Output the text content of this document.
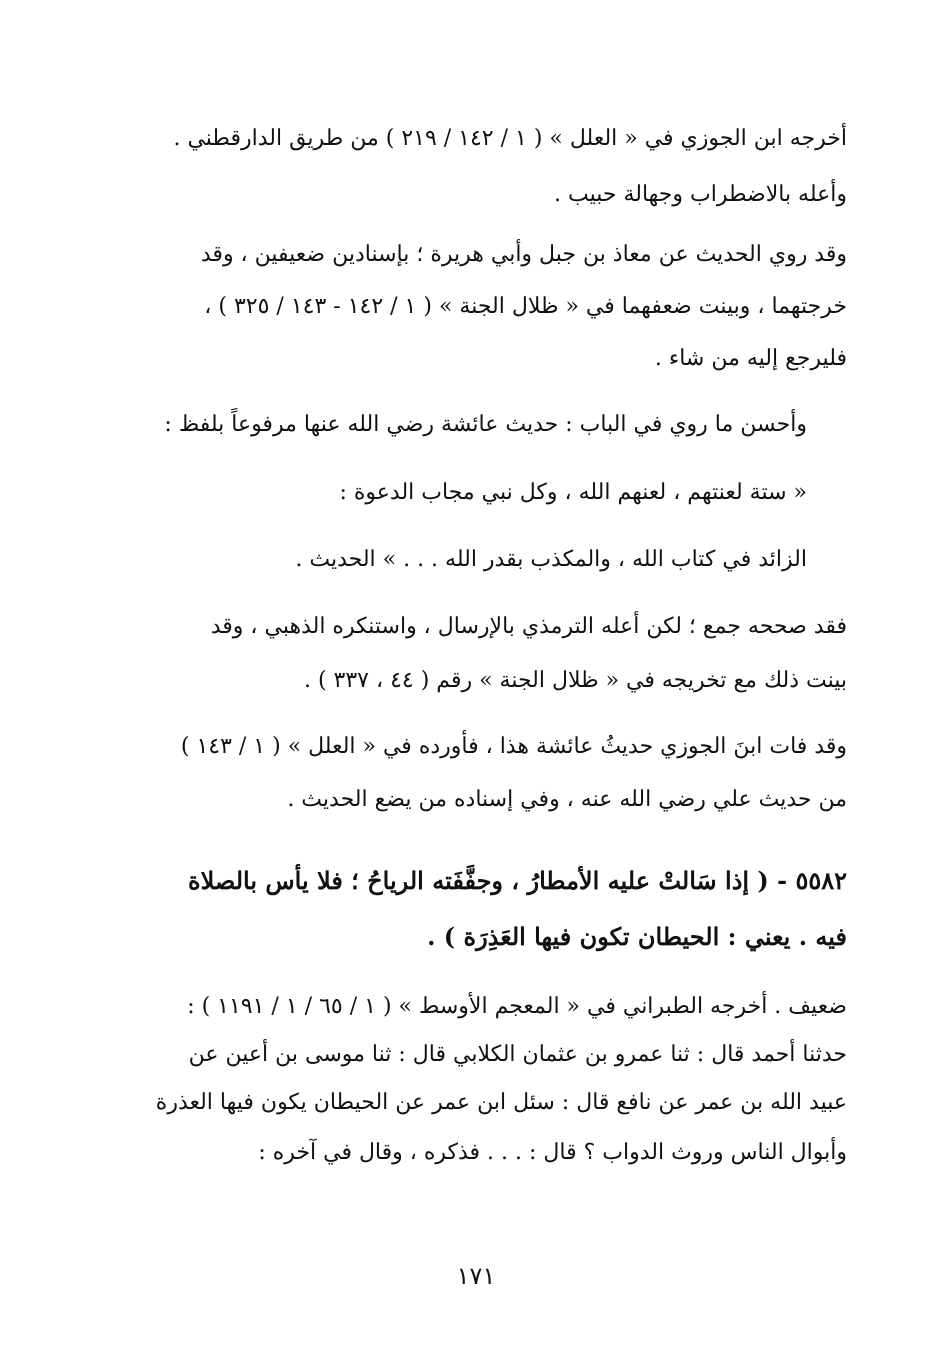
أخرجه ابن الجوزي في « العلل » ( ١ / ١٤٢ / ٢١٩ ) من طريق الدارقطني .
وأعله بالاضطراب وجهالة حبيب .
وقد روي الحديث عن معاذ بن جبل وأبي هريرة ؛ بإسنادين ضعيفين ، وقد
خرجتهما ، وبينت ضعفهما في « ظلال الجنة » ( ١ / ١٤٢ - ١٤٣ / ٣٢٥ ) ،
فليرجع إليه من شاء .
وأحسن ما روي في الباب : حديث عائشة رضي الله عنها مرفوعاً بلفظ :
« ستة لعنتهم ، لعنهم الله ، وكل نبي مجاب الدعوة :
الزائد في كتاب الله ، والمكذب بقدر الله . . . » الحديث .
فقد صححه جمع ؛ لكن أعله الترمذي بالإرسال ، واستنكره الذهبي ، وقد
بينت ذلك مع تخريجه في « ظلال الجنة » رقم ( ٤٤ ، ٣٣٧ ) .
وقد فات ابنَ الجوزي حديثُ عائشة هذا ، فأورده في « العلل » ( ١ / ١٤٣ )
من حديث علي رضي الله عنه ، وفي إسناده من يضع الحديث .
٥٥٨٢ - ( إذا سَالتْ عليه الأمطارُ ، وجفَّفَته الرياحُ ؛ فلا يأس بالصلاة
فيه . يعني : الحيطان تكون فيها العَذِرَة ) .
ضعيف . أخرجه الطبراني في « المعجم الأوسط » ( ١ / ٦٥ / ١ / ١١٩١ ) :
حدثنا أحمد قال : ثنا عمرو بن عثمان الكلابي قال : ثنا موسى بن أعين عن
عبيد الله بن عمر عن نافع قال : سئل ابن عمر عن الحيطان يكون فيها العذرة
وأبوال الناس وروث الدواب ؟ قال : . . . فذكره ، وقال في آخره :
١٧١
